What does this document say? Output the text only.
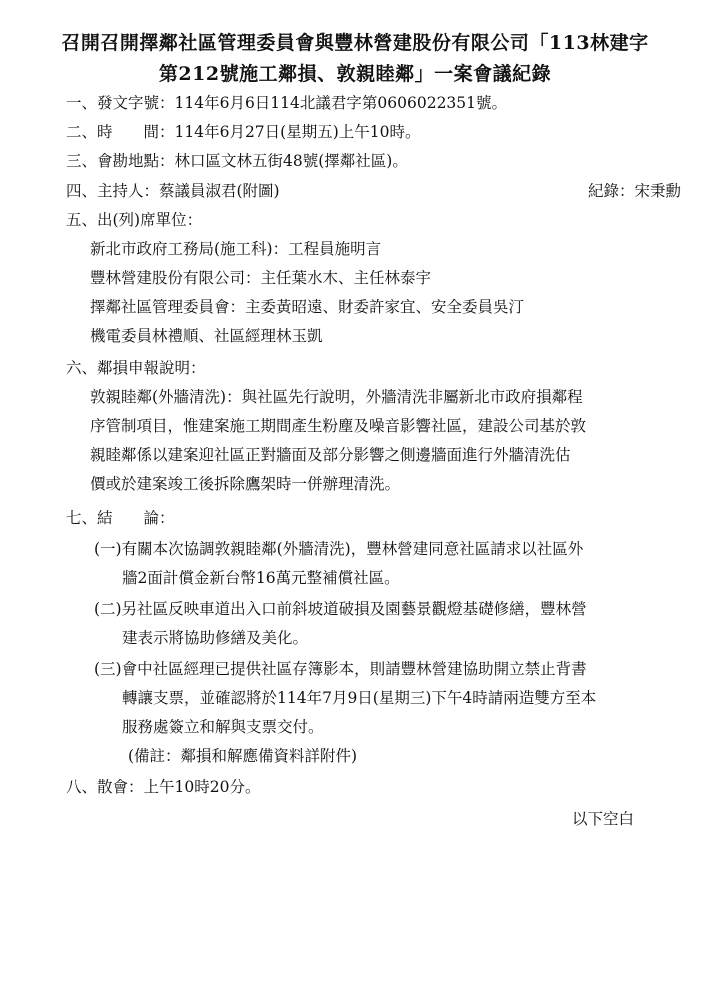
召開召開擇鄰社區管理委員會與豐林營建股份有限公司「113林建字
第212號施工鄰損、敦親睦鄰」一案會議紀錄
一、發文字號：114年6月6日114北議君字第0606022351號。
二、時　　間：114年6月27日(星期五)上午10時。
三、會勘地點：林口區文林五街48號(擇鄰社區)。
四、主持人：蔡議員淑君(附圖)	紀錄：宋秉勳
五、出(列)席單位：
新北市政府工務局(施工科)：工程員施明言
豐林營建股份有限公司：主任葉水木、主任林泰宇
擇鄰社區管理委員會：主委黃昭遠、財委許家宜、安全委員吳汀
機電委員林禮順、社區經理林玉凱
六、鄰損申報說明：
敦親睦鄰(外牆清洗)：與社區先行說明，外牆清洗非屬新北市政府損鄰程
序管制項目，惟建案施工期間產生粉塵及噪音影響社區，建設公司基於敦
親睦鄰係以建案迎社區正對牆面及部分影響之側邊牆面進行外牆清洗估
價或於建案竣工後拆除鷹架時一併辦理清洗。
七、結　　論：
(一)有關本次協調敦親睦鄰(外牆清洗)，豐林營建同意社區請求以社區外
牆2面計償金新台幣16萬元整補償社區。
(二)另社區反映車道出入口前斜坡道破損及園藝景觀燈基礎修繕，豐林營
建表示將協助修繕及美化。
(三)會中社區經理已提供社區存簿影本，則請豐林營建協助開立禁止背書
轉讓支票，並確認將於114年7月9日(星期三)下午4時請兩造雙方至本
服務處簽立和解與支票交付。
(備註：鄰損和解應備資料詳附件)
八、散會：上午10時20分。
以下空白
